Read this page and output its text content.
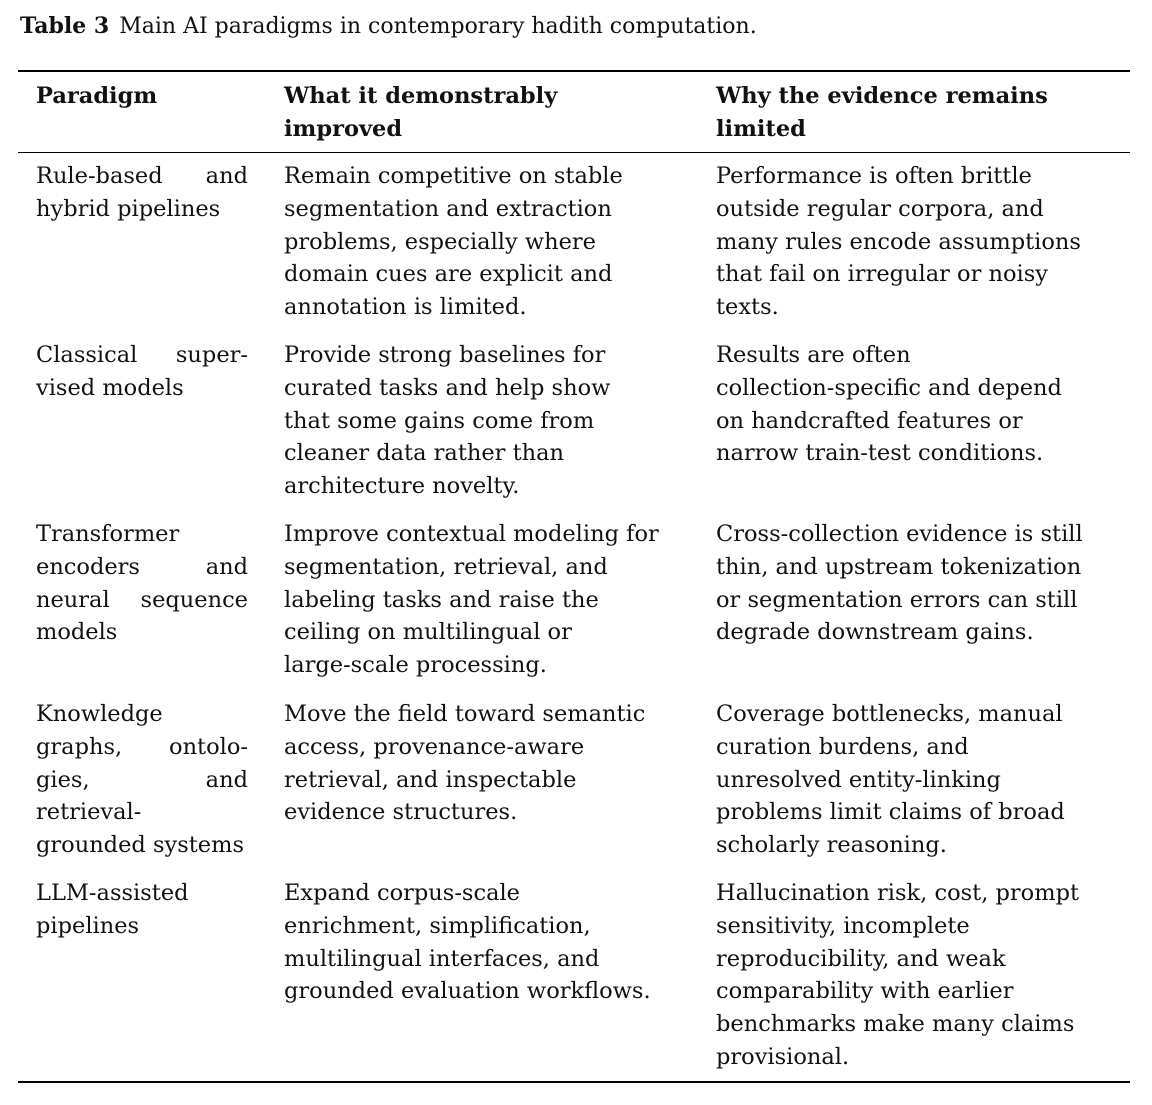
Table 3 Main AI paradigms in contemporary hadith computation.
Paradigm	What it demonstrably
improved
Why the evidence remains
limited
Rule-based and
hybrid pipelines
Remain competitive on stable
segmentation and extraction
problems, especially where
domain cues are explicit and
annotation is limited.
Performance is often brittle
outside regular corpora, and
many rules encode assumptions
that fail on irregular or noisy
texts.
Classical super-
vised models
Provide strong baselines for
curated tasks and help show
that some gains come from
cleaner data rather than
architecture novelty.
Results are often
collection-specific and depend
on handcrafted features or
narrow train-test conditions.
Transformer
encoders and
neural sequence
models
Improve contextual modeling for
segmentation, retrieval, and
labeling tasks and raise the
ceiling on multilingual or
large-scale processing.
Cross-collection evidence is still
thin, and upstream tokenization
or segmentation errors can still
degrade downstream gains.
Knowledge
graphs, ontolo-
gies, and
retrieval-
grounded systems
Move the field toward semantic
access, provenance-aware
retrieval, and inspectable
evidence structures.
Coverage bottlenecks, manual
curation burdens, and
unresolved entity-linking
problems limit claims of broad
scholarly reasoning.
LLM-assisted
pipelines
Expand corpus-scale
enrichment, simplification,
multilingual interfaces, and
grounded evaluation workflows.
Hallucination risk, cost, prompt
sensitivity, incomplete
reproducibility, and weak
comparability with earlier
benchmarks make many claims
provisional.
